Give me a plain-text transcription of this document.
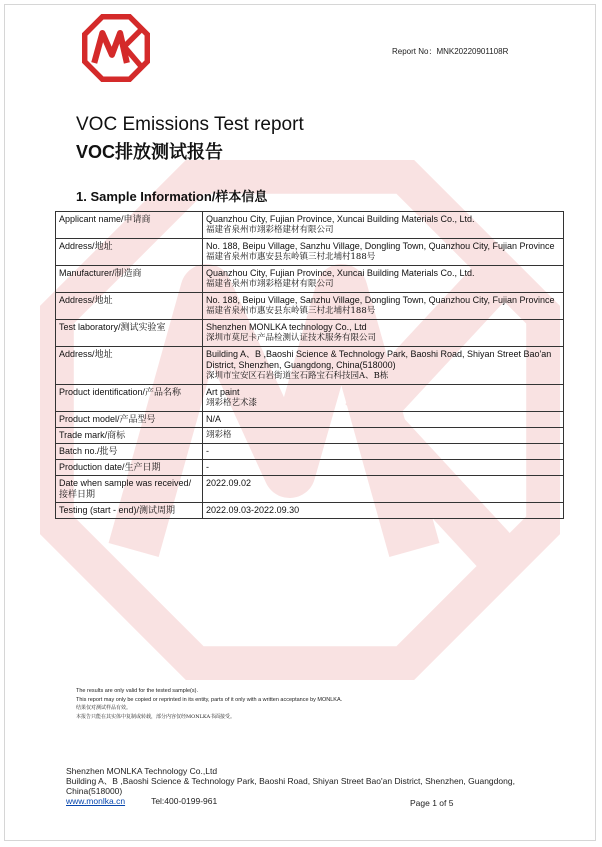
Report No：MNK20220901108R
VOC Emissions Test report
VOC排放测试报告
1. Sample Information/样本信息
Applicant name/申请商	Quanzhou City, Fujian Province, Xuncai Building Materials Co., Ltd.
福建省泉州市翊彩格建材有限公司

Address/地址	No. 188, Beipu Village, Sanzhu Village, Dongling Town, Quanzhou City, Fujian Province
福建省泉州市惠安县东岭镇三村北埔村188号

Manufacturer/制造商	Quanzhou City, Fujian Province, Xuncai Building Materials Co., Ltd.
福建省泉州市翊彩格建材有限公司

Address/地址	No. 188, Beipu Village, Sanzhu Village, Dongling Town, Quanzhou City, Fujian Province
福建省泉州市惠安县东岭镇三村北埔村188号

Test laboratory/测试实验室	Shenzhen MONLKA technology Co., Ltd
深圳市莫尼卡产品检测认证技术服务有限公司

Address/地址	Building A、B ,Baoshi Science & Technology Park, Baoshi Road, Shiyan Street Bao'an District, Shenzhen, Guangdong, China(518000)
深圳市宝安区石岩街道宝石路宝石科技园A、B栋

Product identification/产品名称	Art paint
翊彩格艺术漆

Product model/产品型号	N/A

Trade mark/商标	翊彩格

Batch no./批号	-

Production date/生产日期	-

Date when sample was received/接样日期	2022.09.02

Testing (start - end)/测试周期	2022.09.03-2022.09.30
The results are only valid for the tested sample(s).
This report may only be copied or reprinted in its entity, parts of it only with a written acceptance by MONLKA.
结果仅对测试样品有效。
本报告只能在其实体中复制或转载，部分内容仅经MONLKA书面接受。
Shenzhen MONLKA Technology Co.,Ltd
Building A、B ,Baoshi Science & Technology Park, Baoshi Road, Shiyan Street Bao'an District, Shenzhen, Guangdong, China(518000)
www.monlka.cn	Tel:400-0199-961	Page 1 of 5
